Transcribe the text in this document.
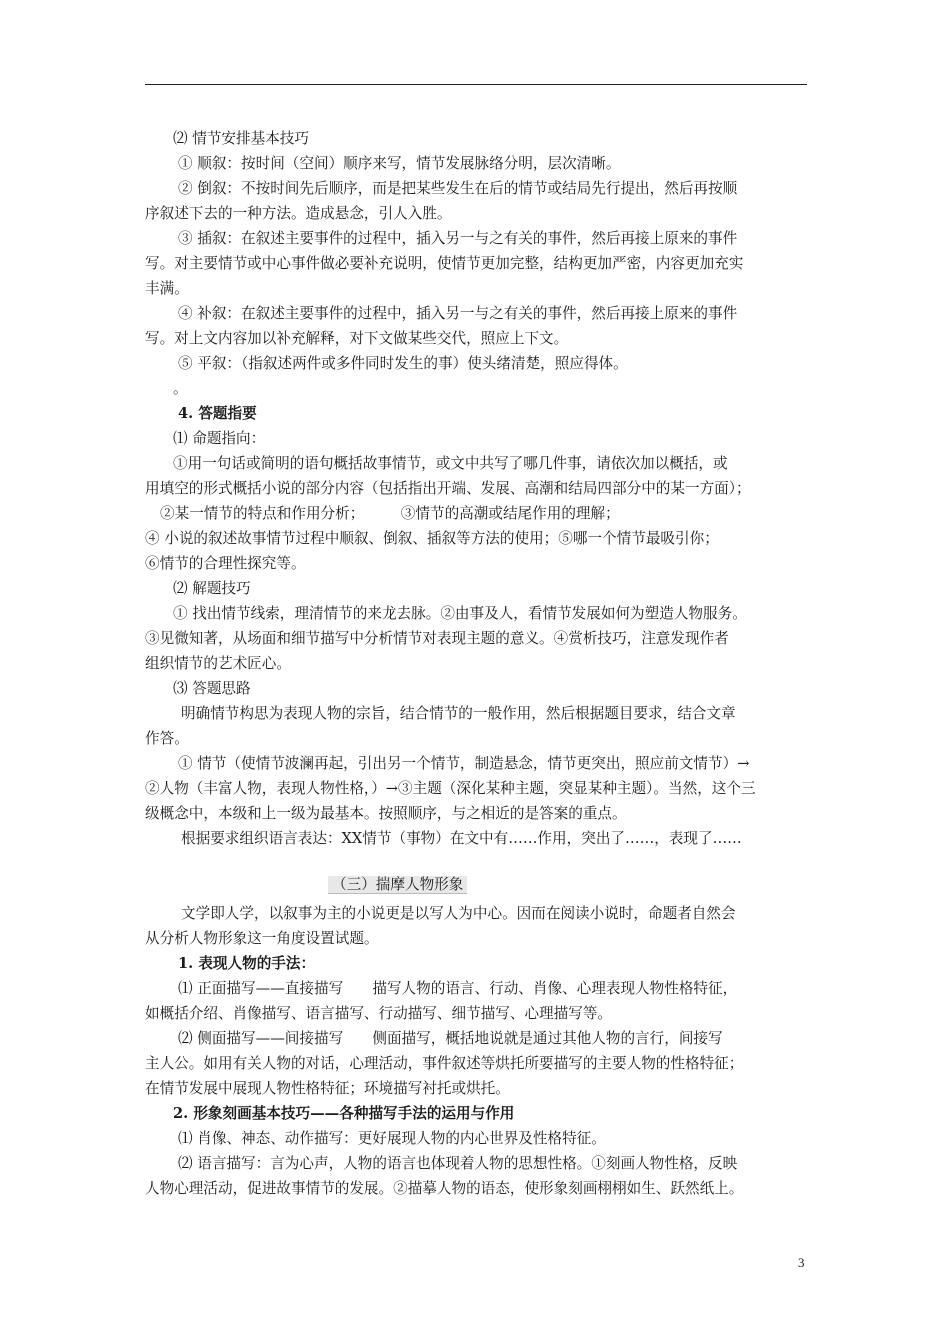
⑵ 情节安排基本技巧
① 顺叙：按时间（空间）顺序来写，情节发展脉络分明，层次清晰。
② 倒叙：不按时间先后顺序，而是把某些发生在后的情节或结局先行提出，然后再按顺
序叙述下去的一种方法。造成悬念，引人入胜。
③ 插叙：在叙述主要事件的过程中，插入另一与之有关的事件，然后再接上原来的事件
写。对主要情节或中心事件做必要补充说明，使情节更加完整，结构更加严密，内容更加充实
丰满。
④ 补叙：在叙述主要事件的过程中，插入另一与之有关的事件，然后再接上原来的事件
写。对上文内容加以补充解释，对下文做某些交代，照应上下文。
⑤ 平叙：（指叙述两件或多件同时发生的事）使头绪清楚，照应得体。
。
4. 答题指要
⑴ 命题指向：
①用一句话或简明的语句概括故事情节，或文中共写了哪几件事，请依次加以概括，或
用填空的形式概括小说的部分内容（包括指出开端、发展、高潮和结局四部分中的某一方面）；
②某一情节的特点和作用分析；　　　③情节的高潮或结尾作用的理解；
④ 小说的叙述故事情节过程中顺叙、倒叙、插叙等方法的使用；⑤哪一个情节最吸引你；
⑥情节的合理性探究等。
⑵ 解题技巧
① 找出情节线索，理清情节的来龙去脉。②由事及人，看情节发展如何为塑造人物服务。
③见微知著，从场面和细节描写中分析情节对表现主题的意义。④赏析技巧，注意发现作者
组织情节的艺术匠心。
⑶ 答题思路
明确情节构思为表现人物的宗旨，结合情节的一般作用，然后根据题目要求，结合文章
作答。
① 情节（使情节波澜再起，引出另一个情节，制造悬念，情节更突出，照应前文情节）→
②人物（丰富人物，表现人物性格，）→③主题（深化某种主题，突显某种主题）。当然，这个三
级概念中，本级和上一级为最基本。按照顺序，与之相近的是答案的重点。
根据要求组织语言表达：XX情节（事物）在文中有……作用，突出了……，表现了……
（三）揣摩人物形象
文学即人学，以叙事为主的小说更是以写人为中心。因而在阅读小说时，命题者自然会
从分析人物形象这一角度设置试题。
1. 表现人物的手法：
⑴ 正面描写——直接描写　　描写人物的语言、行动、肖像、心理表现人物性格特征，
如概括介绍、肖像描写、语言描写、行动描写、细节描写、心理描写等。
⑵ 侧面描写——间接描写　　侧面描写，概括地说就是通过其他人物的言行，间接写
主人公。如用有关人物的对话，心理活动，事件叙述等烘托所要描写的主要人物的性格特征；
在情节发展中展现人物性格特征；环境描写衬托或烘托。
2. 形象刻画基本技巧——各种描写手法的运用与作用
⑴ 肖像、神态、动作描写：更好展现人物的内心世界及性格特征。
⑵ 语言描写：言为心声，人物的语言也体现着人物的思想性格。①刻画人物性格，反映
人物心理活动，促进故事情节的发展。②描摹人物的语态，使形象刻画栩栩如生、跃然纸上。
3
